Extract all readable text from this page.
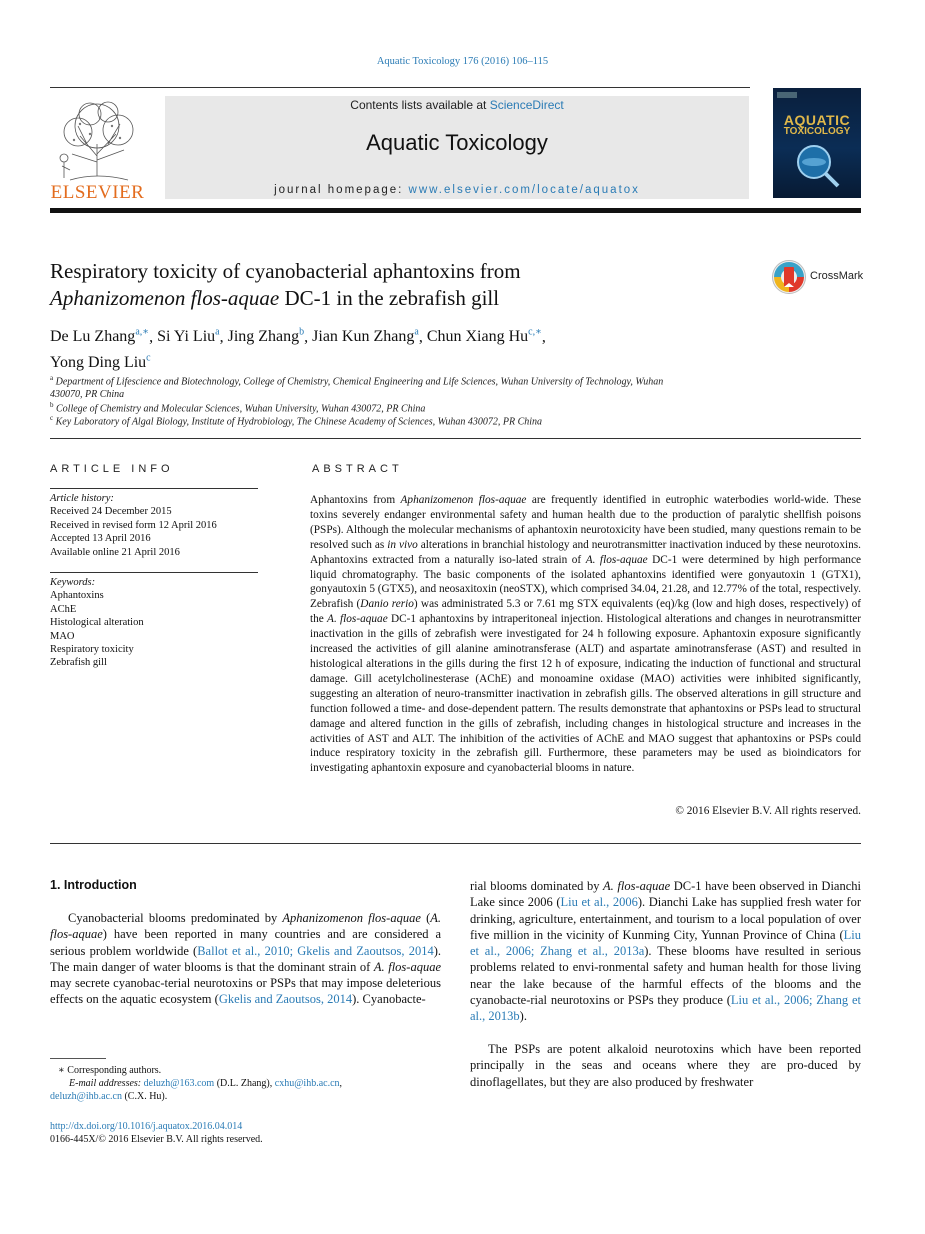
Aquatic Toxicology 176 (2016) 106–115
ELSEVIER
Contents lists available at ScienceDirect
Aquatic Toxicology
journal homepage: www.elsevier.com/locate/aquatox
AQUATIC
TOXICOLOGY
Respiratory toxicity of cyanobacterial aphantoxins from
Aphanizomenon flos-aquae DC-1 in the zebrafish gill
CrossMark
De Lu Zhang$^{a,∗}$, Si Yi Liu$^a$, Jing Zhang$^b$, Jian Kun Zhang$^a$, Chun Xiang $Hu^{c,∗}$,
Yong Ding Liu$^c$
$^a$ Department of Lifescience and Biotechnology, College of Chemistry, Chemical Engineering and Life Sciences, Wuhan University of Technology, Wuhan
430070, PR China
$^b$ College of Chemistry and Molecular Sciences, Wuhan University, Wuhan 430072, PR China
$^c$ Key Laboratory of Algal Biology, Institute of Hydrobiology, The Chinese Academy of Sciences, Wuhan 430072, PR China
ARTICLE INFO
Article history:
Received 24 December 2015
Received in revised form 12 April 2016
Accepted 13 April 2016
Available online 21 April 2016
Keywords:
Aphantoxins
AChE
Histological alteration
MAO
Respiratory toxicity
Zebrafish gill
ABSTRACT
Aphantoxins from Aphanizomenon flos-aquae are frequently identified in eutrophic waterbodies world-wide. These toxins severely endanger environmental safety and human health due to the production of paralytic shellfish poisons (PSPs). Although the molecular mechanisms of aphantoxin neurotoxicity have been studied, many questions remain to be resolved such as in vivo alterations in branchial histology and neurotransmitter inactivation induced by these neurotoxins. Aphantoxins extracted from a naturally iso-lated strain of A. flos-aquae DC-1 were determined by high performance liquid chromatography. The basic components of the isolated aphantoxins identified were gonyautoxin 1 (GTX1), gonyautoxin 5 (GTX5), and neosaxitoxin (neoSTX), which comprised 34.04, 21.28, and 12.77% of the total, respectively. Zebrafish (Danio rerio) was administrated 5.3 or 7.61 mg STX equivalents (eq)/kg (low and high doses, respectively) of the A. flos-aquae DC-1 aphantoxins by intraperitoneal injection. Histological alterations and changes in neurotransmitter inactivation in the gills of zebrafish were investigated for 24 h following exposure. Aphantoxin exposure significantly increased the activities of gill alanine aminotransferase (ALT) and aspartate aminotransferase (AST) and resulted in histological alterations in the gills during the first 12 h of exposure, indicating the induction of functional and structural damage. Gill acetylcholinesterase (AChE) and monoamine oxidase (MAO) activities were inhibited significantly, suggesting an alteration of neuro-transmitter inactivation in zebrafish gills. The observed alterations in gill structure and function followed a time- and dose-dependent pattern. The results demonstrate that aphantoxins or PSPs lead to structural damage and altered function in the gills of zebrafish, including changes in histological structure and increases in the activities of AST and ALT. The inhibition of the activities of AChE and MAO suggest that aphantoxins or PSPs could induce respiratory toxicity in the zebrafish gill. Furthermore, these parameters may be used as bioindicators for investigating aphantoxin exposure and cyanobacterial blooms in nature.
© 2016 Elsevier B.V. All rights reserved.
1. Introduction
Cyanobacterial blooms predominated by Aphanizomenon flos-aquae (A. flos-aquae) have been reported in many countries and are considered a serious problem worldwide (Ballot et al., 2010; Gkelis and Zaoutsos, 2014). The main danger of water blooms is that the dominant strain of A. flos-aquae may secrete cyanobac-terial neurotoxins or PSPs that may impose deleterious effects on the aquatic ecosystem (Gkelis and Zaoutsos, 2014). Cyanobacte-
rial blooms dominated by A. flos-aquae DC-1 have been observed in Dianchi Lake since 2006 (Liu et al., 2006). Dianchi Lake has supplied fresh water for drinking, agriculture, entertainment, and tourism to a local population of over five million in the vicinity of Kunming City, Yunnan Province of China (Liu et al., 2006; Zhang et al., 2013a). These blooms have resulted in serious problems related to envi-ronmental safety and human health for those living near the lake because of the harmful effects of the blooms and the cyanobacte-rial neurotoxins or PSPs they produce (Liu et al., 2006; Zhang et al., 2013b).
The PSPs are potent alkaloid neurotoxins which have been reported principally in the seas and oceans where they are pro-duced by dinoflagellates, but they are also produced by freshwater
∗ Corresponding authors.
E-mail addresses: deluzh@163.com (D.L. Zhang), cxhu@ihb.ac.cn,
deluzh@ihb.ac.cn (C.X. Hu).
http://dx.doi.org/10.1016/j.aquatox.2016.04.014
0166-445X/© 2016 Elsevier B.V. All rights reserved.
